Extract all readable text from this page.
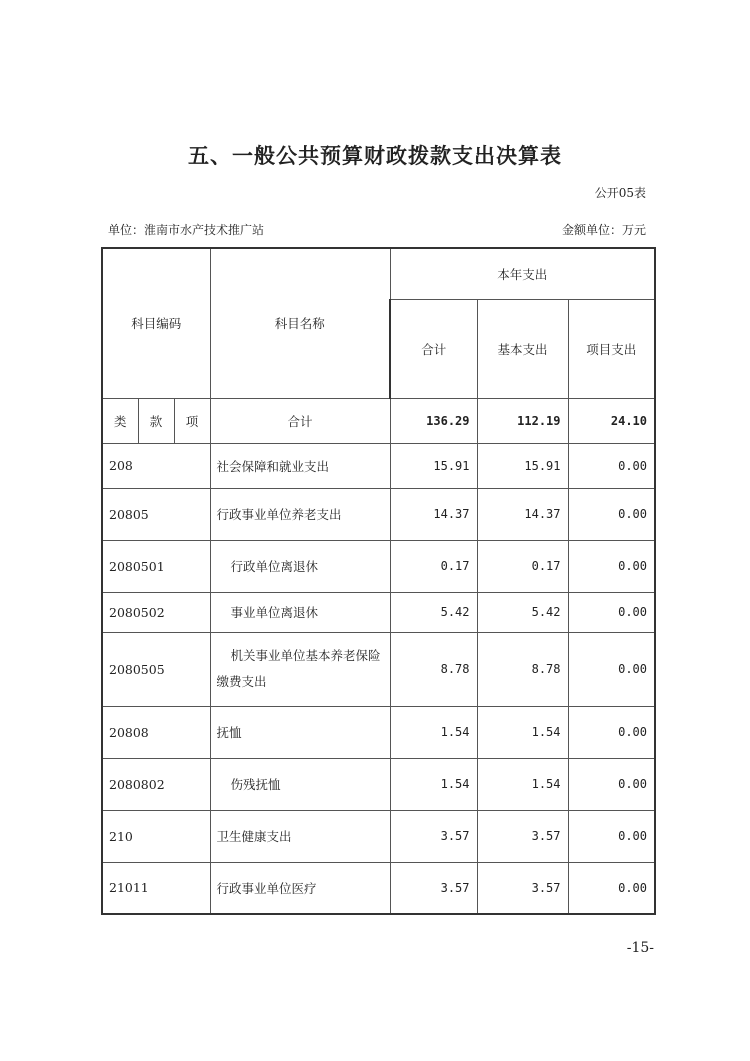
五、一般公共预算财政拨款支出决算表
公开05表
单位：淮南市水产技术推广站	金额单位：万元
科目编码			科目名称	本年支出		
				合计	基本支出	项目支出
类	款	项	合计	136.29	112.19	24.10
208			社会保障和就业支出	15.91	15.91	0.00
20805			行政事业单位养老支出	14.37	14.37	0.00
2080501			行政单位离退休	0.17	0.17	0.00
2080502			事业单位离退休	5.42	5.42	0.00
2080505			机关事业单位基本养老保险缴费支出	8.78	8.78	0.00
20808			抚恤	1.54	1.54	0.00
2080802			伤残抚恤	1.54	1.54	0.00
210			卫生健康支出	3.57	3.57	0.00
21011			行政事业单位医疗	3.57	3.57	0.00
-15-
